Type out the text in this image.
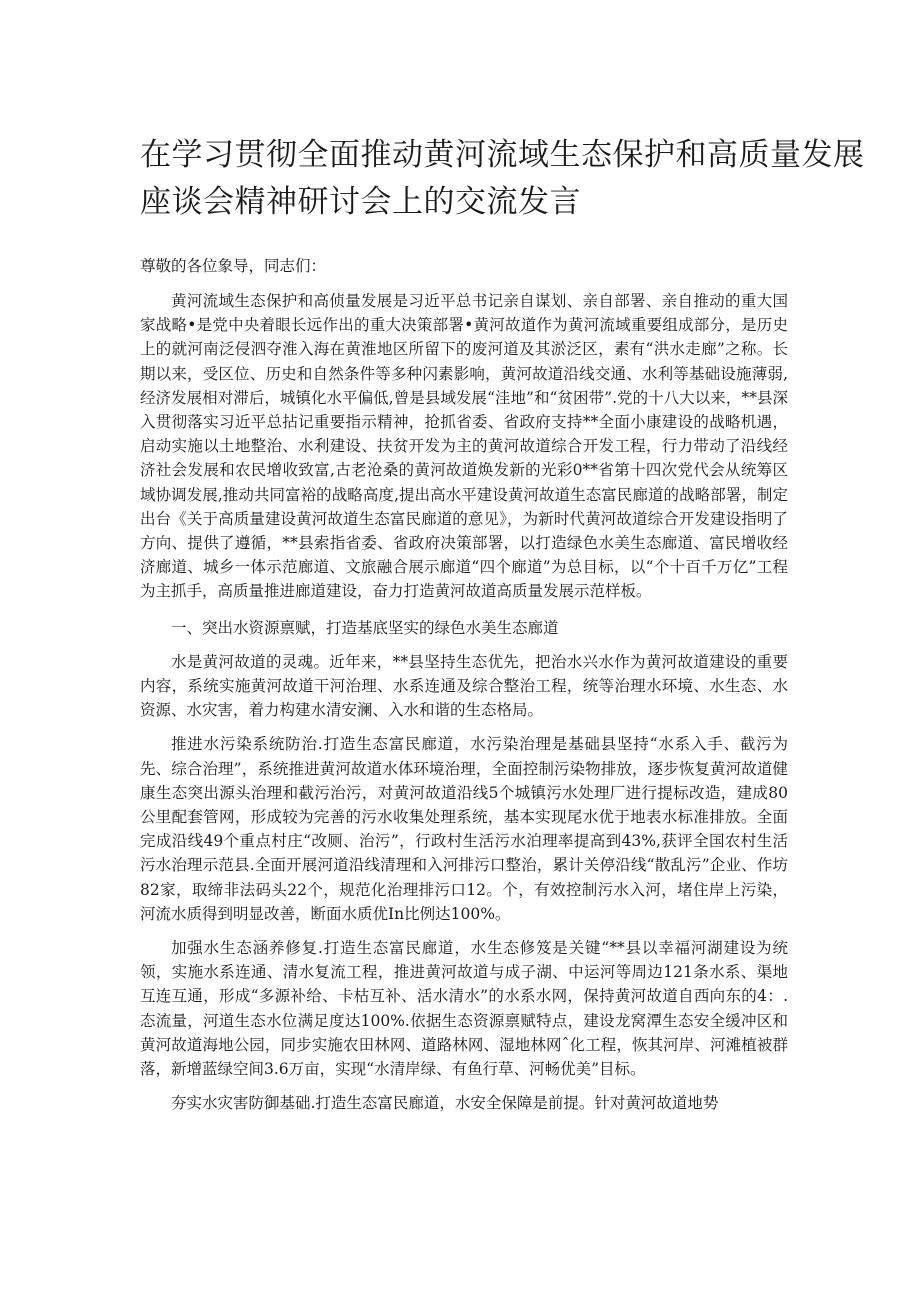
在学习贯彻全面推动黄河流域生态保护和高质量发展
座谈会精神研讨会上的交流发言

尊敬的各位象导，同志们：

黄河流域生态保护和高侦量发展是习近平总书记亲自谋划、亲自部署、亲自推动的重大国家战略•是党中央着眼长远作出的重大决策部署•黄河故道作为黄河流域重要组成部分，是历史上的就河南泛侵泗夺淮入海在黄淮地区所留下的废河道及其淤泛区，素有“洪水走廊”之称。长期以来，受区位、历史和自然条件等多种闪素影响，黄河故道沿线交通、水利等基础设施薄弱,经济发展相对滞后，城镇化水平偏低,曾是县域发展“洼地”和“贫困带”.党的十八大以来，**县深入贯彻落实习近平总拈记重要指示精神，抢抓省委、省政府支持**全面小康建设的战略机遇，启动实施以土地整治、水利建设、扶贫开发为主的黄河故道综合开发工程，行力带动了沿线经济社会发展和农民增收致富,古老沧桑的黄河故道焕发新的光彩0**省第十四次党代会从统筹区域协调发展,推动共同富裕的战略高度,提出高水平建设黄河故道生态富民廊道的战略部署，制定出台《关于高质量建设黄河故道生态富民廊道的意见》，为新时代黄河故道综合开发建设指明了方向、提供了遵循，**县索指省委、省政府决策部署，以打造绿色水美生态廊道、富民增收经济廊道、城乡一体示范廊道、文旅融合展示廊道“四个廊道”为总目标，以“个十百千万亿”工程为主抓手，高质量推进廊道建设，奋力打造黄河故道高质量发展示范样板。

一、突出水资源禀赋，打造基底坚实的绿色水美生态廊道

水是黄河故道的灵魂。近年来，**县坚持生态优先，把治水兴水作为黄河故道建设的重要内容，系统实施黄河故道干河治理、水系连通及综合整治工程，统等治理水环境、水生态、水资源、水灾害，着力构建水清安澜、入水和谐的生态格局。

推进水污染系统防治.打造生态富民廊道，水污染治理是基础县坚持“水系入手、截污为先、综合治理”，系统推进黄河故道水体环境治理，全面控制污染物排放，逐步恢复黄河故道健康生态突出源头治理和截污治污，对黄河故道沿线5个城镇污水处理厂进行提标改造，建成80公里配套管网，形成较为完善的污水收集处理系统，基本实现尾水优于地表水标准排放。全面完成沿线49个重点村庄“改厕、治污”，行政村生活污水泊理率提高到43%,获评全国农村生活污水治理示范县.全面开展河道沿线清理和入河排污口整治，累计关停沿线“散乱污”企业、作坊82家，取缔非法码头22个，规范化治理排污口12。个，有效控制污水入河，堵住岸上污染，河流水质得到明显改善，断面水质优In比例达100%。

加强水生态涵养修复.打造生态富民廊道，水生态修笈是关键“**县以幸福河湖建设为统领，实施水系连通、清水复流工程，推进黄河故道与成子湖、中运河等周边121条水系、渠地互连互通，形成“多源补给、卡枯互补、活水清水”的水系水网，保持黄河故道自西向东的4：.态流量，河道生态水位满足度达100%.依据生态资源禀赋特点，建设龙窝潭生态安全缓冲区和黄河故道海地公园，同步实施农田林网、道路林网、湿地林网ˆ化工程，恢其河岸、河滩植被群落，新增蓝绿空间3.6万亩，实现“水清岸绿、有鱼行草、河畅优美”目标。

夯实水灾害防御基础.打造生态富民廊道，水安全保障是前提。针对黄河故道地势
